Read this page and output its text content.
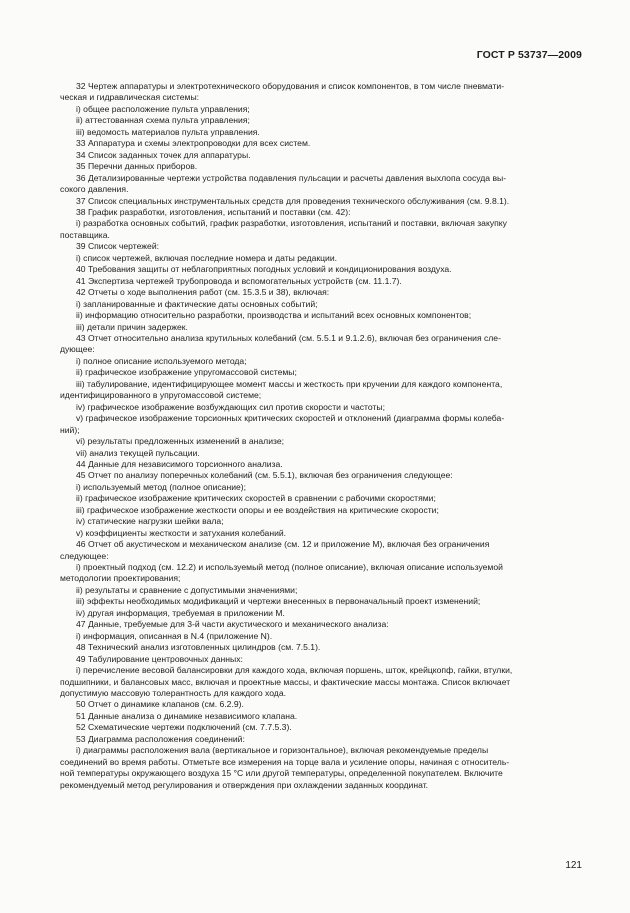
ГОСТ Р 53737—2009

32 Чертеж аппаратуры и электротехнического оборудования и список компонентов, в том числе пневмати-

ческая и гидравлическая системы:

i) общее расположение пульта управления;

ii) аттестованная схема пульта управления;

iii) ведомость материалов пульта управления.

33 Аппаратура и схемы электропроводки для всех систем.

34 Список заданных точек для аппаратуры.

35 Перечни данных приборов.

36 Детализированные чертежи устройства подавления пульсации и расчеты давления выхлопа сосуда вы-

сокого давления.

37 Список специальных инструментальных средств для проведения технического обслуживания (см. 9.8.1).

38 График разработки, изготовления, испытаний и поставки (см. 42):

i) разработка основных событий, график разработки, изготовления, испытаний и поставки, включая закупку

поставщика.

39 Список чертежей:

i) список чертежей, включая последние номера и даты редакции.

40 Требования защиты от неблагоприятных погодных условий и кондиционирования воздуха.

41 Экспертиза чертежей трубопровода и вспомогательных устройств (см. 11.1.7).

42 Отчеты о ходе выполнения работ (см. 15.3.5 и 38), включая:

i) запланированные и фактические даты основных событий;

ii) информацию относительно разработки, производства и испытаний всех основных компонентов;

iii) детали причин задержек.

43 Отчет относительно анализа крутильных колебаний (см. 5.5.1 и 9.1.2.6), включая без ограничения сле-

дующее:

i) полное описание используемого метода;

ii) графическое изображение упругомассовой системы;

iii) табулирование, идентифицирующее момент массы и жесткость при кручении для каждого компонента,

идентифицированного в упругомассовой системе;

iv) графическое изображение возбуждающих сил против скорости и частоты;

v) графическое изображение торсионных критических скоростей и отклонений (диаграмма формы колеба-

ний);

vi) результаты предложенных изменений в анализе;

vii) анализ текущей пульсации.

44 Данные для независимого торсионного анализа.

45 Отчет по анализу поперечных колебаний (см. 5.5.1), включая без ограничения следующее:

i) используемый метод (полное описание);

ii) графическое изображение критических скоростей в сравнении с рабочими скоростями;

iii) графическое изображение жесткости опоры и ее воздействия на критические скорости;

iv) статические нагрузки шейки вала;

v) коэффициенты жесткости и затухания колебаний.

46 Отчет об акустическом и механическом анализе (см. 12 и приложение М), включая без ограничения

следующее:

i) проектный подход (см. 12.2) и используемый метод (полное описание), включая описание используемой

методологии проектирования;

ii) результаты и сравнение с допустимыми значениями;

iii) эффекты необходимых модификаций и чертежи внесенных в первоначальный проект изменений;

iv) другая информация, требуемая в приложении М.

47 Данные, требуемые для 3-й части акустического и механического анализа:

i) информация, описанная в N.4 (приложение N).

48 Технический анализ изготовленных цилиндров (см. 7.5.1).

49 Табулирование центровочных данных:

i) перечисление весовой балансировки для каждого хода, включая поршень, шток, крейцкопф, гайки, втулки,

подшипники, и балансовых масс, включая и проектные массы, и фактические массы монтажа. Список включает

допустимую массовую толерантность для каждого хода.

50 Отчет о динамике клапанов (см. 6.2.9).

51 Данные анализа о динамике независимого клапана.

52 Схематические чертежи подключений (см. 7.7.5.3).

53 Диаграмма расположения соединений:

i) диаграммы расположения вала (вертикальное и горизонтальное), включая рекомендуемые пределы

соединений во время работы. Отметьте все измерения на торце вала и усиление опоры, начиная с относитель-

ной температуры окружающего воздуха 15 °С или другой температуры, определенной покупателем. Включите

рекомендуемый метод регулирования и отверждения при охлаждении заданных координат.

121
